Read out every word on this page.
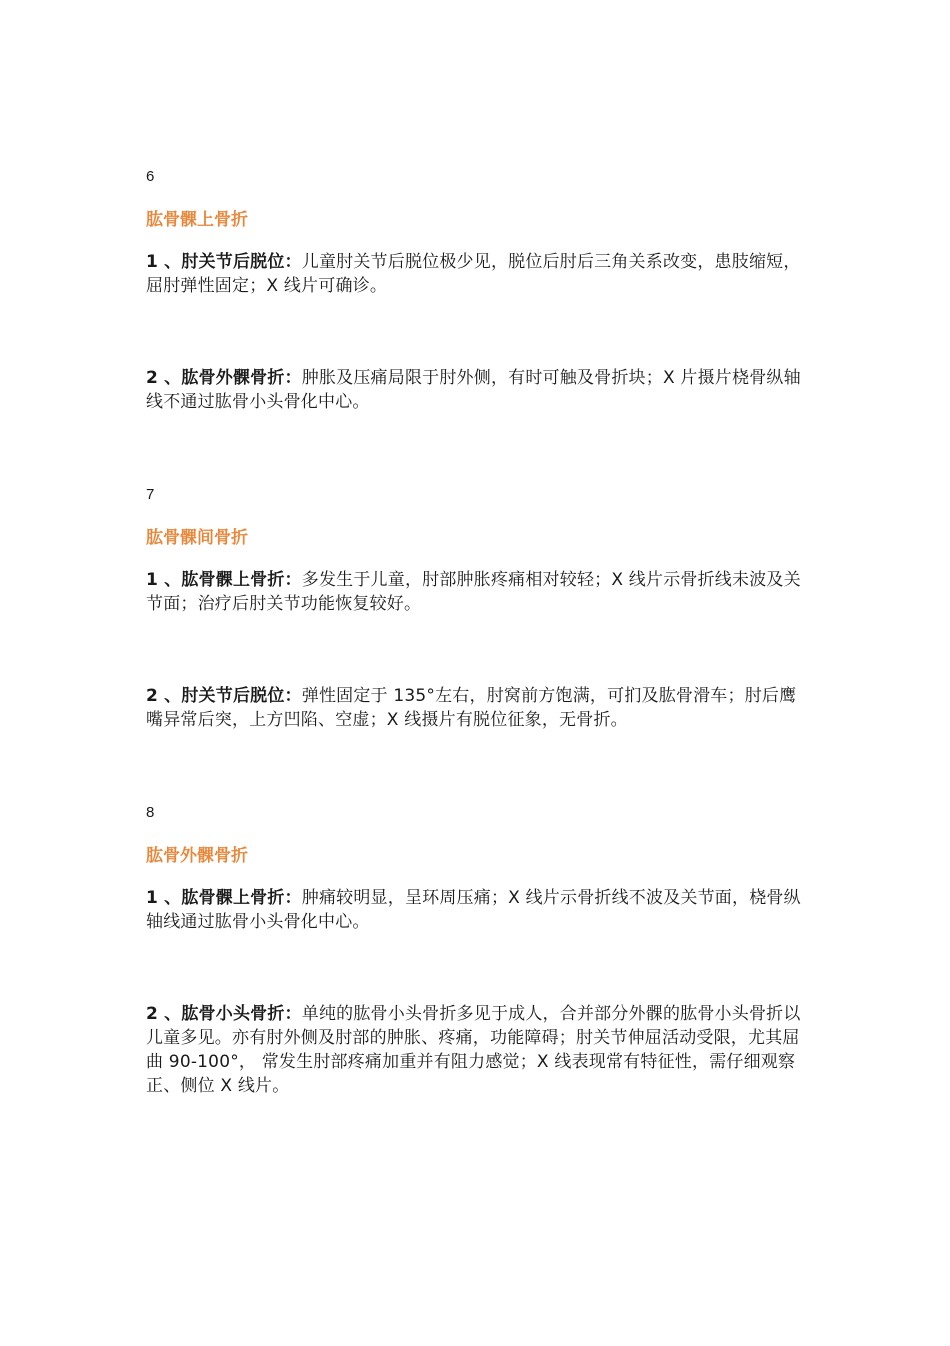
6

肱骨髁上骨折

1 、肘关节后脱位：儿童肘关节后脱位极少见，脱位后肘后三角关系改变，患肢缩短，屈肘弹性固定；X 线片可确诊。

2 、肱骨外髁骨折：肿胀及压痛局限于肘外侧，有时可触及骨折块；X 片摄片桡骨纵轴线不通过肱骨小头骨化中心。

7

肱骨髁间骨折

1 、肱骨髁上骨折：多发生于儿童，肘部肿胀疼痛相对较轻；X 线片示骨折线未波及关节面；治疗后肘关节功能恢复较好。

2 、肘关节后脱位：弹性固定于 135°左右，肘窝前方饱满，可扪及肱骨滑车；肘后鹰嘴异常后突，上方凹陷、空虚；X 线摄片有脱位征象，无骨折。

8

肱骨外髁骨折

1 、肱骨髁上骨折：肿痛较明显，呈环周压痛；X 线片示骨折线不波及关节面，桡骨纵轴线通过肱骨小头骨化中心。

2 、肱骨小头骨折：单纯的肱骨小头骨折多见于成人，合并部分外髁的肱骨小头骨折以儿童多见。亦有肘外侧及肘部的肿胀、疼痛，功能障碍；肘关节伸屈活动受限，尤其屈曲 90-100°， 常发生肘部疼痛加重并有阻力感觉；X 线表现常有特征性，需仔细观察正、侧位 X 线片。
